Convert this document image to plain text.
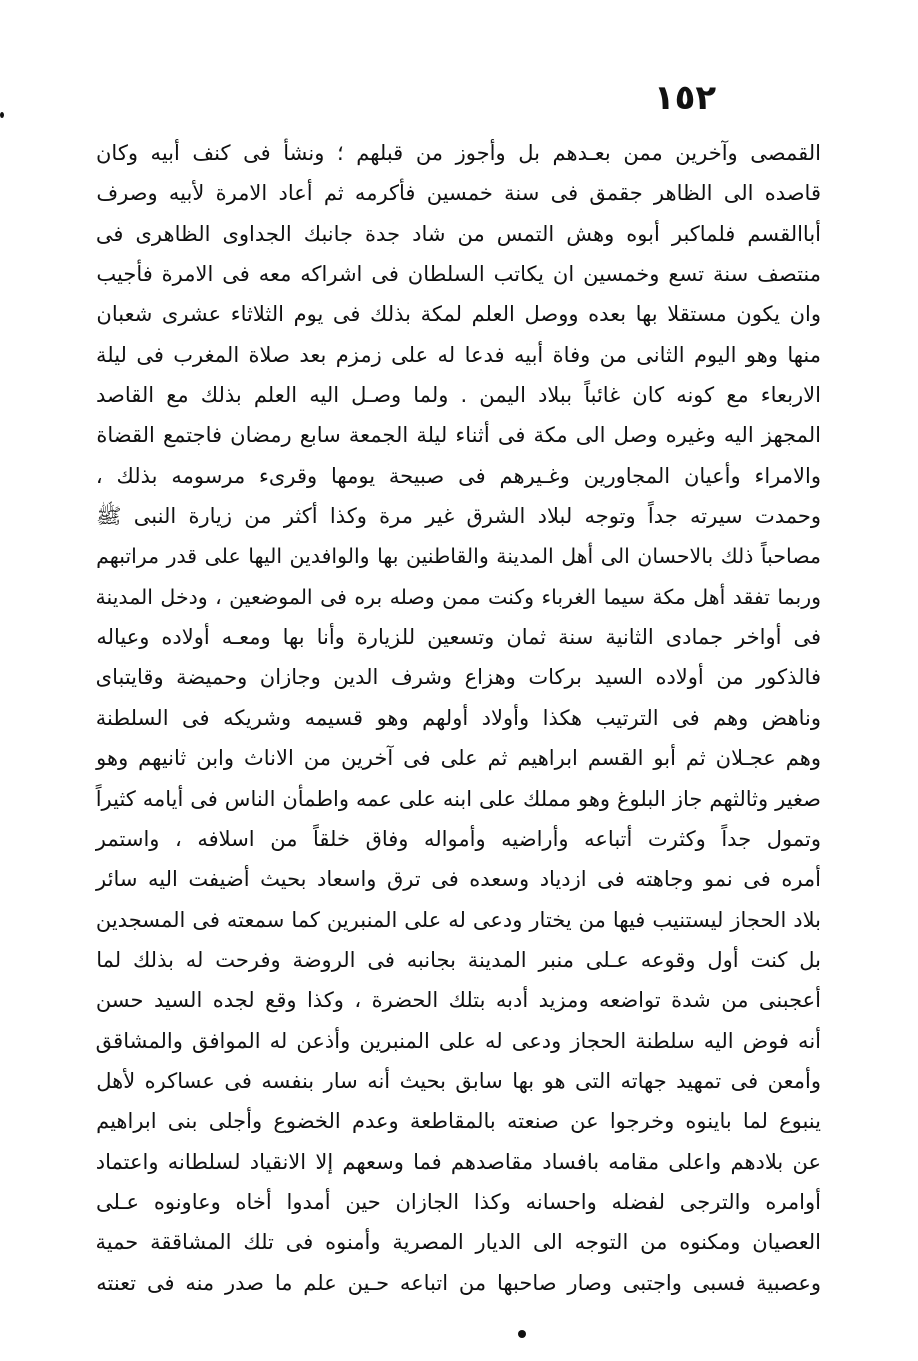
١٥٢
القمصى وآخرين ممن بعـدهم بل وأجوز من قبلهم ؛ ونشأ فى كنف أبيه وكان
قاصده الى الظاهر جقمق فى سنة خمسين فأكرمه ثم أعاد الامرة لأبيه وصرف
أباالقسم فلماكبر أبوه وهش التمس من شاد جدة جانبك الجداوى الظاهرى فى
منتصف سنة تسع وخمسين ان يكاتب السلطان فى اشراكه معه فى الامرة فأجيب
وان يكون مستقلا بها بعده ووصل العلم لمكة بذلك فى يوم الثلاثاء عشرى شعبان
منها وهو اليوم الثانى من وفاة أبيه فدعا له على زمزم بعد صلاة المغرب فى ليلة
الاربعاء مع كونه كان غائباً ببلاد اليمن . ولما وصـل اليه العلم بذلك مع القاصد
المجهز اليه وغيره وصل الى مكة فى أثناء ليلة الجمعة سابع رمضان فاجتمع القضاة
والامراء وأعيان المجاورين وغـيرهم فى صبيحة يومها وقرىء مرسومه بذلك ،
وحمدت سيرته جداً وتوجه لبلاد الشرق غير مرة وكذا أكثر من زيارة النبى ﷺ
مصاحباً ذلك بالاحسان الى أهل المدينة والقاطنين بها والوافدين اليها على قدر مراتبهم
وربما تفقد أهل مكة سيما الغرباء وكنت ممن وصله بره فى الموضعين ، ودخل المدينة
فى أواخر جمادى الثانية سنة ثمان وتسعين للزيارة وأنا بها ومعـه أولاده وعياله
فالذكور من أولاده السيد بركات وهزاع وشرف الدين وجازان وحميضة وقايتباى
وناهض وهم فى الترتيب هكذا وأولاد أولهم وهو قسيمه وشريكه فى السلطنة
وهم عجـلان ثم أبو القسم ابراهيم ثم على فى آخرين من الاناث وابن ثانيهم وهو
صغير وثالثهم جاز البلوغ وهو مملك على ابنه على عمه واطمأن الناس فى أيامه كثيراً
وتمول جداً وكثرت أتباعه وأراضيه وأمواله وفاق خلقاً من اسلافه ، واستمر
أمره فى نمو وجاهته فى ازدياد وسعده فى ترق واسعاد بحيث أضيفت اليه سائر
بلاد الحجاز ليستنيب فيها من يختار ودعى له على المنبرين كما سمعته فى المسجدين
بل كنت أول وقوعه عـلى منبر المدينة بجانبه فى الروضة وفرحت له بذلك لما
أعجبنى من شدة تواضعه ومزيد أدبه بتلك الحضرة ، وكذا وقع لجده السيد حسن
أنه فوض اليه سلطنة الحجاز ودعى له على المنبرين وأذعن له الموافق والمشاقق
وأمعن فى تمهيد جهاته التى هو بها سابق بحيث أنه سار بنفسه فى عساكره لأهل
ينبوع لما باينوه وخرجوا عن صنعته بالمقاطعة وعدم الخضوع وأجلى بنى ابراهيم
عن بلادهم واعلى مقامه بافساد مقاصدهم فما وسعهم إلا الانقياد لسلطانه واعتماد
أوامره والترجى لفضله واحسانه وكذا الجازان حين أمدوا أخاه وعاونوه عـلى
العصيان ومكنوه من التوجه الى الديار المصرية وأمنوه فى تلك المشاققة حمية
وعصبية فسبى واجتبى وصار صاحبها من اتباعه حـين علم ما صدر منه فى تعنته
